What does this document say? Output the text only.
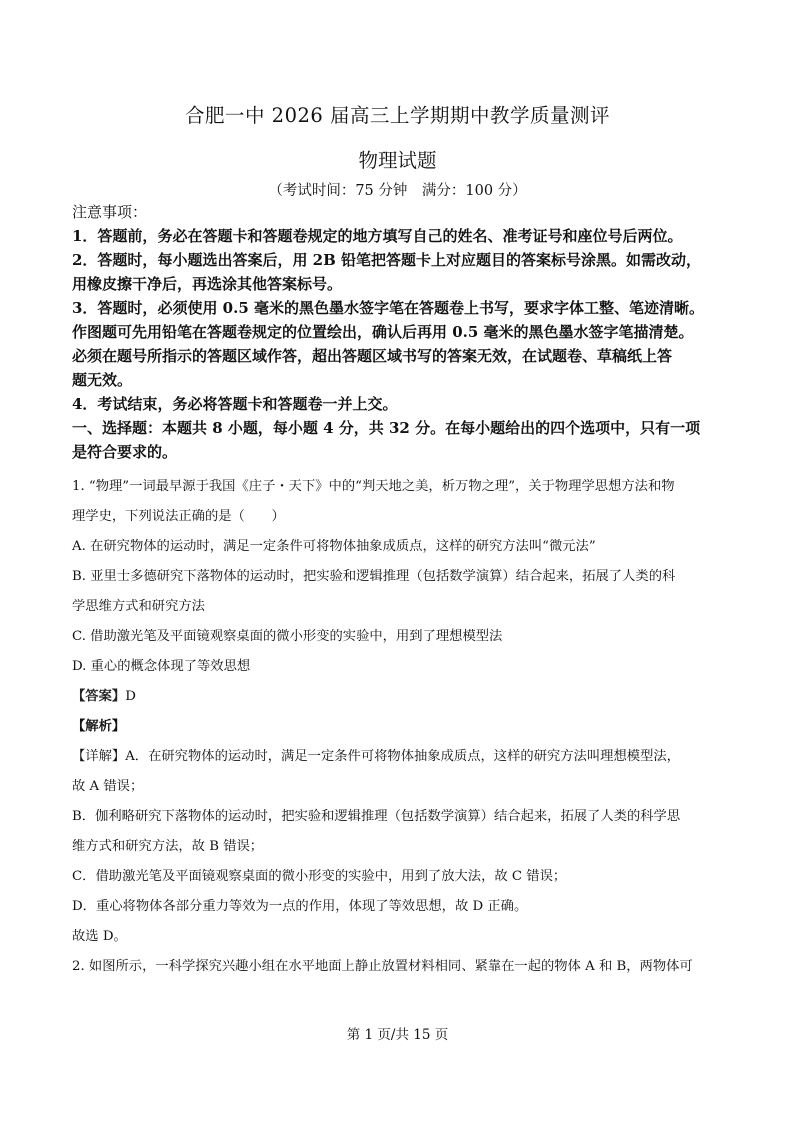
合肥一中 2026 届高三上学期期中教学质量测评
物理试题
（考试时间：75 分钟　满分：100 分）

注意事项：

1．答题前，务必在答题卡和答题卷规定的地方填写自己的姓名、准考证号和座位号后两位。

2．答题时，每小题选出答案后，用 2B 铅笔把答题卡上对应题目的答案标号涂黑。如需改动，

用橡皮擦干净后，再选涂其他答案标号。

3．答题时，必须使用 0.5 毫米的黑色墨水签字笔在答题卷上书写，要求字体工整、笔迹清晰。

作图题可先用铅笔在答题卷规定的位置绘出，确认后再用 0.5 毫米的黑色墨水签字笔描清楚。

必须在题号所指示的答题区域作答，超出答题区域书写的答案无效，在试题卷、草稿纸上答

题无效。

4．考试结束，务必将答题卡和答题卷一并上交。

一、选择题：本题共 8 小题，每小题 4 分，共 32 分。在每小题给出的四个选项中，只有一项

是符合要求的。

1. “物理”一词最早源于我国《庄子・天下》中的“判天地之美，析万物之理”，关于物理学思想方法和物

理学史，下列说法正确的是（　　）

A. 在研究物体的运动时，满足一定条件可将物体抽象成质点，这样的研究方法叫“微元法”

B. 亚里士多德研究下落物体的运动时，把实验和逻辑推理（包括数学演算）结合起来，拓展了人类的科

学思维方式和研究方法

C. 借助激光笔及平面镜观察桌面的微小形变的实验中，用到了理想模型法

D. 重心的概念体现了等效思想

【答案】D

【解析】

【详解】A．在研究物体的运动时，满足一定条件可将物体抽象成质点，这样的研究方法叫理想模型法，

故 A 错误；

B．伽利略研究下落物体的运动时，把实验和逻辑推理（包括数学演算）结合起来，拓展了人类的科学思

维方式和研究方法，故 B 错误；

C．借助激光笔及平面镜观察桌面的微小形变的实验中，用到了放大法，故 C 错误；

D．重心将物体各部分重力等效为一点的作用，体现了等效思想，故 D 正确。

故选 D。

2. 如图所示，一科学探究兴趣小组在水平地面上静止放置材料相同、紧靠在一起的物体 A 和 B，两物体可

第 1 页/共 15 页
